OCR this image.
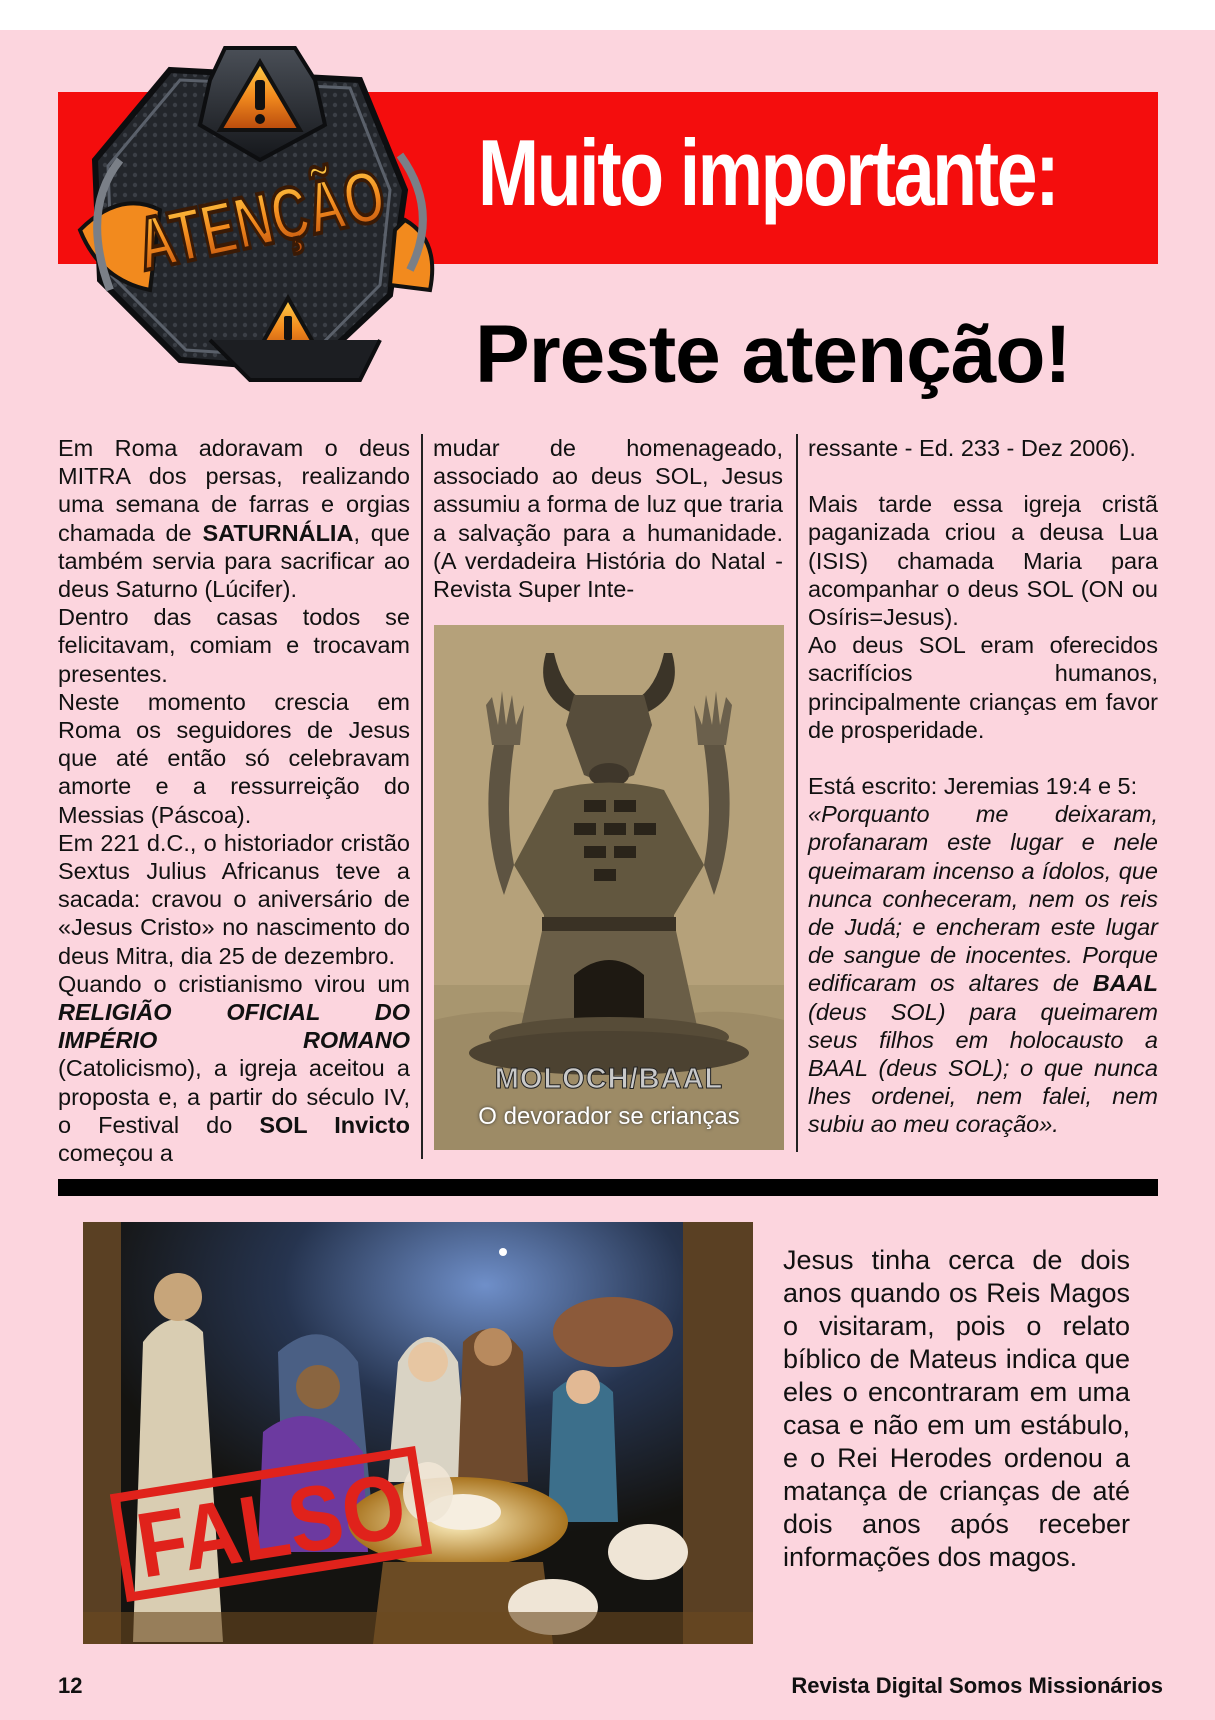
Muito importante:
ATENÇÃO
Preste atenção!

Em Roma adoravam o deus MITRA dos persas, realizando uma semana de farras e orgias chamada de SATURNÁLIA, que também servia para sacrificar ao deus Saturno (Lúcifer).

Dentro das casas todos se felicitavam, comiam e trocavam presentes.

Neste momento crescia em Roma os seguidores de Jesus que até então só celebravam amorte e a ressurreição do Messias (Páscoa).

Em 221 d.C., o historiador cristão Sextus Julius Africanus teve a sacada: cravou o aniversário de «Jesus Cristo» no nascimento do deus Mitra, dia 25 de dezembro.

Quando o cristianismo virou um RELIGIÃO OFICIAL DO IMPÉRIO ROMANO (Catolicismo), a igreja aceitou a proposta e, a partir do século IV, o Festival do SOL Invicto começou a

mudar de homenageado, associado ao deus SOL, Jesus assumiu a forma de luz que traria a salvação para a humanidade. (A verdadeira História do Natal - Revista Super Inte-

MOLOCH/BAAL
O devorador se crianças

ressante - Ed. 233 - Dez 2006).

Mais tarde essa igreja cristã paganizada criou a deusa Lua (ISIS) chamada Maria para acompanhar o deus SOL (ON ou Osíris=Jesus).

Ao deus SOL eram oferecidos sacrifícios humanos, principalmente crianças em favor de prosperidade.

Está escrito: Jeremias 19:4 e 5:

«Porquanto me deixaram, profanaram este lugar e nele queimaram incenso a ídolos, que nunca conheceram, nem os reis de Judá; e encheram este lugar de sangue de inocentes. Porque edificaram os altares de BAAL (deus SOL) para queimarem seus filhos em holocausto a BAAL (deus SOL); o que nunca lhes ordenei, nem falei, nem subiu ao meu coração».

FALSO
Jesus tinha cerca de dois anos quando os Reis Magos o visitaram, pois o relato bíblico de Mateus indica que eles o encontraram em uma casa e não em um estábulo, e o Rei Herodes ordenou a matança de crianças de até dois anos após receber informações dos magos.
12	Revista Digital Somos Missionários
